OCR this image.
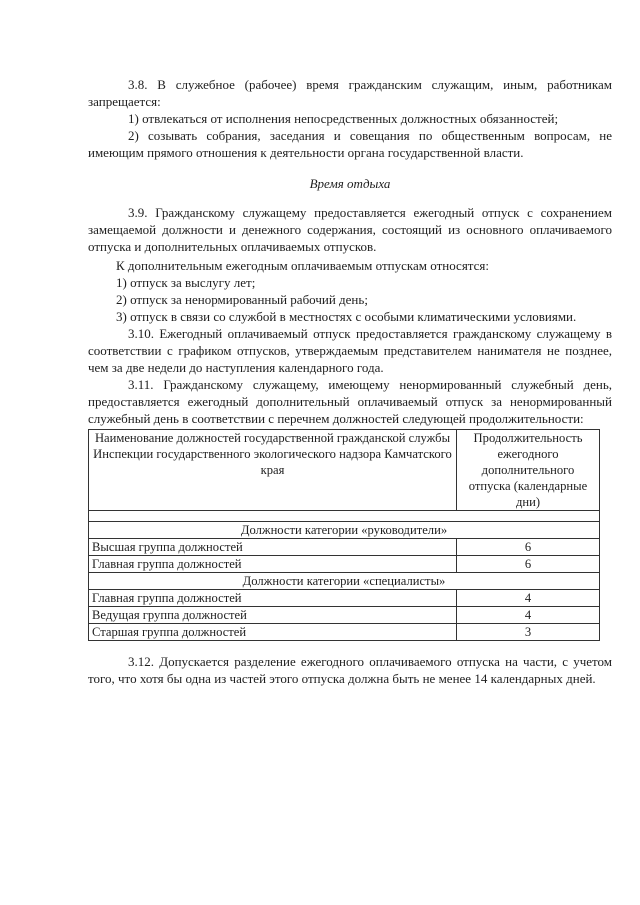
3.8. В служебное (рабочее) время гражданским служащим, иным, работникам запрещается:

1) отвлекаться от исполнения непосредственных должностных обязанностей;

2) созывать собрания, заседания и совещания по общественным вопросам, не имеющим прямого отношения к деятельности органа государственной власти.

Время отдыха

3.9. Гражданскому служащему предоставляется ежегодный отпуск с сохранением замещаемой должности и денежного содержания, состоящий из основного оплачиваемого отпуска и дополнительных оплачиваемых отпусков.

К дополнительным ежегодным оплачиваемым отпускам относятся:

1) отпуск за выслугу лет;

2) отпуск за ненормированный рабочий день;

3) отпуск в связи со службой в местностях с особыми климатическими условиями.

3.10. Ежегодный оплачиваемый отпуск предоставляется гражданскому служащему в соответствии с графиком отпусков, утверждаемым представителем нанимателя не позднее, чем за две недели до наступления календарного года.

3.11. Гражданскому служащему, имеющему ненормированный служебный день, предоставляется ежегодный дополнительный оплачиваемый отпуск за ненормированный служебный день в соответствии с перечнем должностей следующей продолжительности:

Наименование должностей государственной гражданской службы Инспекции государственного экологического надзора Камчатского края	Продолжительность ежегодного дополнительного отпуска (календарные дни)

Должности категории «руководители»	
Высшая группа должностей	6
Главная группа должностей	6
Должности категории «специалисты»	
Главная группа должностей	4
Ведущая группа должностей	4
Старшая группа должностей	3

3.12. Допускается разделение ежегодного оплачиваемого отпуска на части, с учетом того, что хотя бы одна из частей этого отпуска должна быть не менее 14 календарных дней.
